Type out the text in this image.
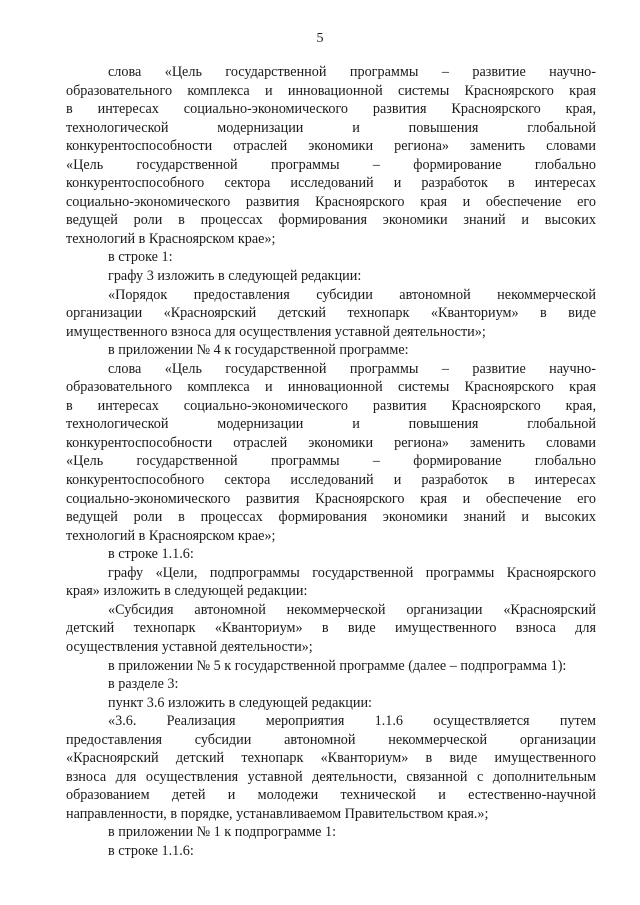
5
слова «Цель государственной программы – развитие научно-
образовательного комплекса и инновационной системы Красноярского края
в интересах социально-экономического развития Красноярского края,
технологической модернизации и повышения глобальной
конкурентоспособности отраслей экономики региона» заменить словами
«Цель государственной программы – формирование глобально
конкурентоспособного сектора исследований и разработок в интересах
социально-экономического развития Красноярского края и обеспечение его
ведущей роли в процессах формирования экономики знаний и высоких
технологий в Красноярском крае»;
в строке 1:
графу 3 изложить в следующей редакции:
«Порядок предоставления субсидии автономной некоммерческой
организации «Красноярский детский технопарк «Кванториум» в виде
имущественного взноса для осуществления уставной деятельности»;
в приложении № 4 к государственной программе:
слова «Цель государственной программы – развитие научно-
образовательного комплекса и инновационной системы Красноярского края
в интересах социально-экономического развития Красноярского края,
технологической модернизации и повышения глобальной
конкурентоспособности отраслей экономики региона» заменить словами
«Цель государственной программы – формирование глобально
конкурентоспособного сектора исследований и разработок в интересах
социально-экономического развития Красноярского края и обеспечение его
ведущей роли в процессах формирования экономики знаний и высоких
технологий в Красноярском крае»;
в строке 1.1.6:
графу «Цели, подпрограммы государственной программы Красноярского
края» изложить в следующей редакции:
«Субсидия автономной некоммерческой организации «Красноярский
детский технопарк «Кванториум» в виде имущественного взноса для
осуществления уставной деятельности»;
в приложении № 5 к государственной программе (далее – подпрограмма 1):
в разделе 3:
пункт 3.6 изложить в следующей редакции:
«3.6. Реализация мероприятия 1.1.6 осуществляется путем
предоставления субсидии автономной некоммерческой организации
«Красноярский детский технопарк «Кванториум» в виде имущественного
взноса для осуществления уставной деятельности, связанной с дополнительным
образованием детей и молодежи технической и естественно-научной
направленности, в порядке, устанавливаемом Правительством края.»;
в приложении № 1 к подпрограмме 1:
в строке 1.1.6:
